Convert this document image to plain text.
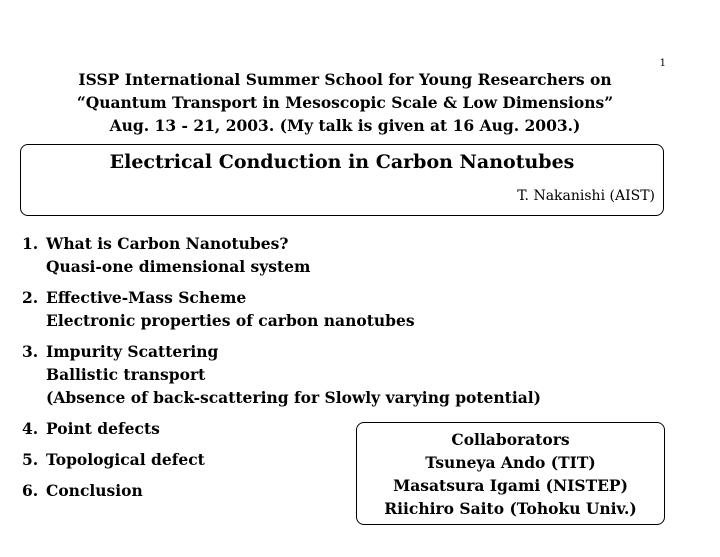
1
ISSP International Summer School for Young Researchers on
“Quantum Transport in Mesoscopic Scale & Low Dimensions”
Aug. 13 - 21, 2003. (My talk is given at 16 Aug. 2003.)
Electrical Conduction in Carbon Nanotubes
T. Nakanishi (AIST)
1. What is Carbon Nanotubes?
Quasi-one dimensional system
2. Effective-Mass Scheme
Electronic properties of carbon nanotubes
3. Impurity Scattering
Ballistic transport
(Absence of back-scattering for Slowly varying potential)
4. Point defects
5. Topological defect
6. Conclusion
Collaborators
Tsuneya Ando (TIT)
Masatsura Igami (NISTEP)
Riichiro Saito (Tohoku Univ.)
